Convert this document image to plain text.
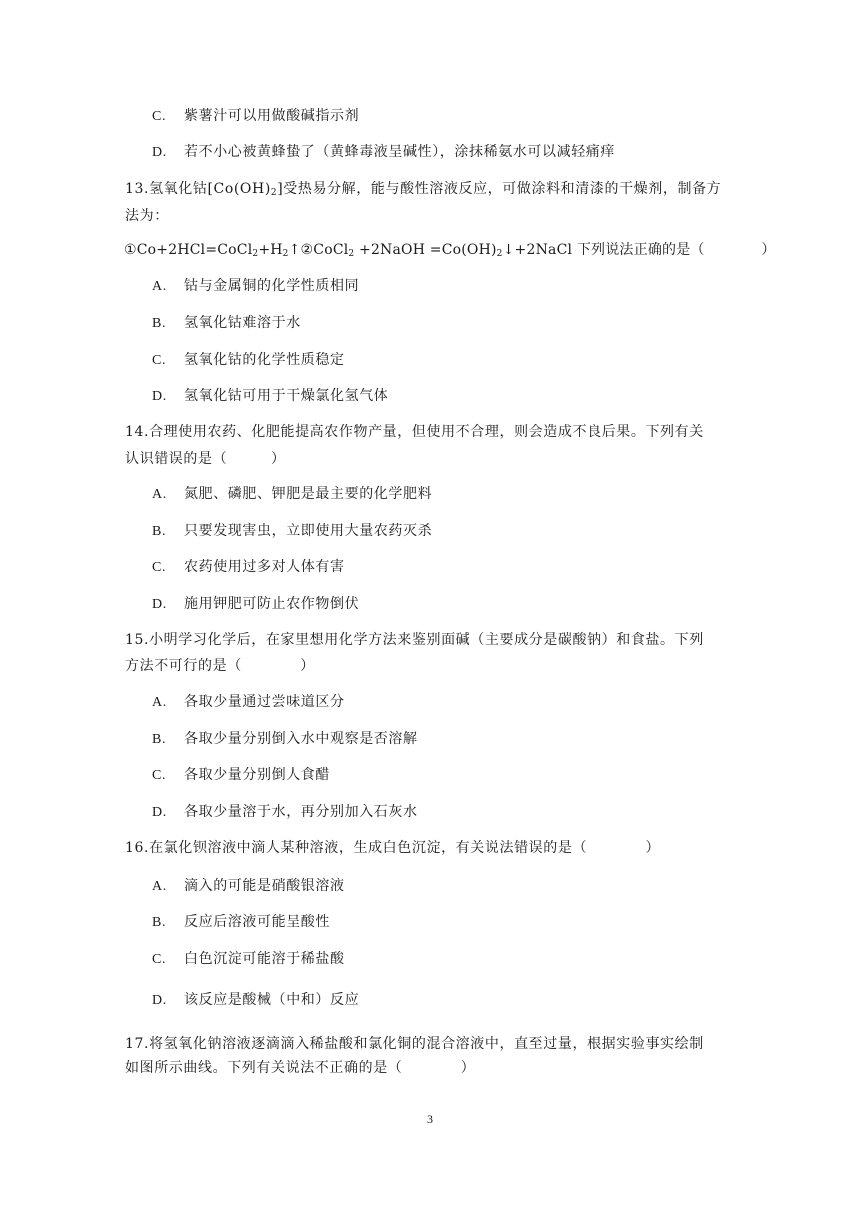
C. 紫薯汁可以用做酸碱指示剂
D. 若不小心被黄蜂蛰了（黄蜂毒液呈碱性），涂抹稀氨水可以减轻痛痒
13.氢氧化钴$[Co(OH)_2]$受热易分解，能与酸性溶液反应，可做涂料和清漆的干燥剂，制备方
法为：
$①Co+2HCl=CoCl_2+H_2↑②CoCl_2$ +2NaOH $=Co(OH)_2↓+2NaCl$ 下列说法正确的是（　　　　）
A. 钴与金属铜的化学性质相同
B. 氢氧化钴难溶于水
C. 氢氧化钴的化学性质稳定
D. 氢氧化钴可用于干燥氯化氢气体
14.合理使用农药、化肥能提高农作物产量，但使用不合理，则会造成不良后果。下列有关
认识错误的是（　　　）
A. 氮肥、磷肥、钾肥是最主要的化学肥料
B. 只要发现害虫，立即使用大量农药灭杀
C. 农药使用过多对人体有害
D. 施用钾肥可防止农作物倒伏
15.小明学习化学后，在家里想用化学方法来鉴别面碱（主要成分是碳酸钠）和食盐。下列
方法不可行的是（　　　　）
A. 各取少量通过尝味道区分
B. 各取少量分别倒入水中观察是否溶解
C. 各取少量分别倒人食醋
D. 各取少量溶于水，再分别加入石灰水
16.在氯化钡溶液中滴人某种溶液，生成白色沉淀，有关说法错误的是（　　　　）
A. 滴入的可能是硝酸银溶液
B. 反应后溶液可能呈酸性
C. 白色沉淀可能溶于稀盐酸
D. 该反应是酸械（中和）反应
17.将氢氧化钠溶液逐滴滴入稀盐酸和氯化铜的混合溶液中，直至过量，根据实验事实绘制
如图所示曲线。下列有关说法不正确的是（　　　　）
3
